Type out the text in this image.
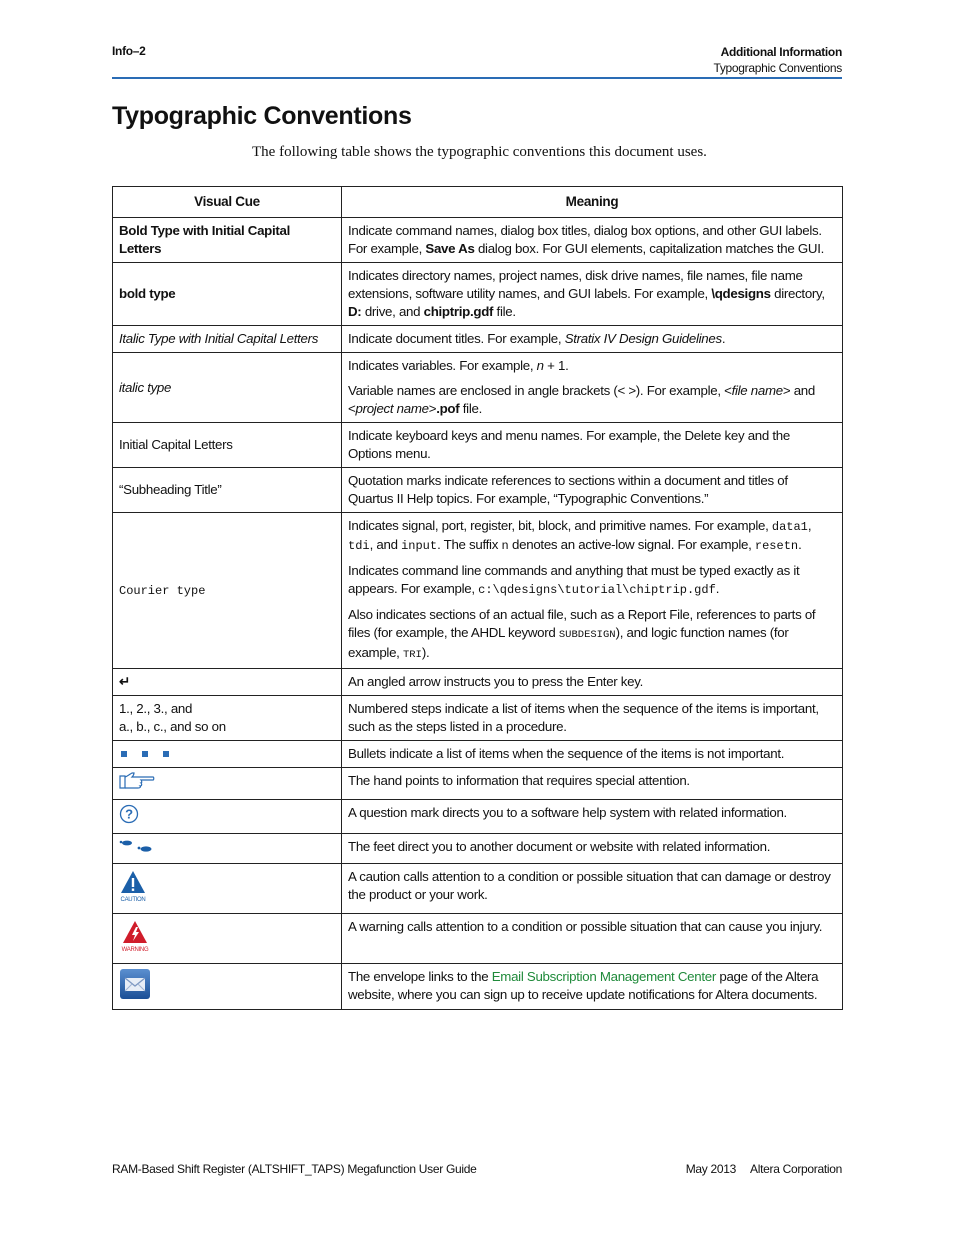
Info–2	Additional Information
Typographic Conventions
Typographic Conventions
The following table shows the typographic conventions this document uses.
Visual Cue	Meaning
Bold Type with Initial Capital Letters	Indicate command names, dialog box titles, dialog box options, and other GUI labels. For example, Save As dialog box. For GUI elements, capitalization matches the GUI.
bold type	Indicates directory names, project names, disk drive names, file names, file name extensions, software utility names, and GUI labels. For example, \qdesigns directory, D: drive, and chiptrip.gdf file.
Italic Type with Initial Capital Letters	Indicate document titles. For example, Stratix IV Design Guidelines.
italic type	Indicates variables. For example, n + 1.

Variable names are enclosed in angle brackets (< >). For example, <file name> and <project name>.pof file.

Initial Capital Letters	Indicate keyboard keys and menu names. For example, the Delete key and the Options menu.
“Subheading Title”	Quotation marks indicate references to sections within a document and titles of Quartus II Help topics. For example, “Typographic Conventions.”
Courier type	Indicates signal, port, register, bit, block, and primitive names. For example, data1, tdi, and input. The suffix n denotes an active-low signal. For example, resetn.

Indicates command line commands and anything that must be typed exactly as it appears. For example, c:\qdesigns\tutorial\chiptrip.gdf.

Also indicates sections of an actual file, such as a Report File, references to parts of files (for example, the AHDL keyword SUBDESIGN), and logic function names (for example, TRI).

↵	An angled arrow instructs you to press the Enter key.

1., 2., 3., and
a., b., c., and so on	Numbered steps indicate a list of items when the sequence of the items is important, such as the steps listed in a procedure.
	Bullets indicate a list of items when the sequence of the items is not important.
	The hand points to information that requires special attention.

?	A question mark directs you to a software help system with related information.
	The feet direct you to another document or website with related information.

CAUTION	A caution calls attention to a condition or possible situation that can damage or destroy the product or your work.

WARNING	A warning calls attention to a condition or possible situation that can cause you injury.
	The envelope links to the Email Subscription Management Center page of the Altera website, where you can sign up to receive update notifications for Altera documents.
RAM-Based Shift Register (ALTSHIFT_TAPS) Megafunction User Guide	May 2013 Altera Corporation
